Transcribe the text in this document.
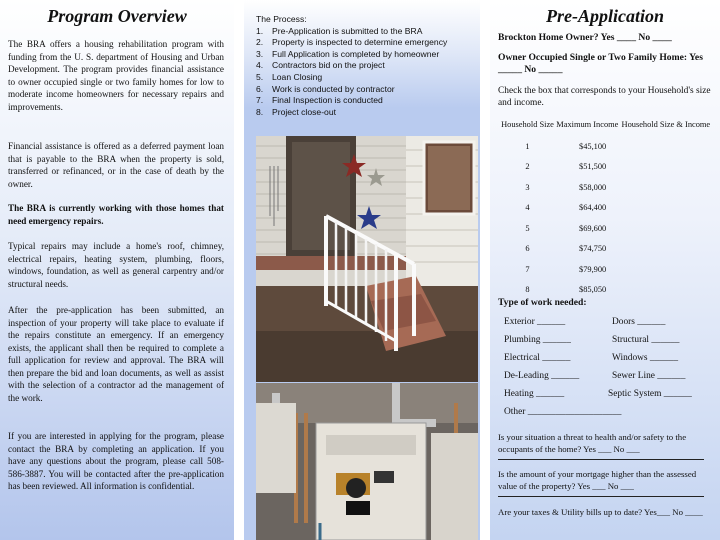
Program Overview
The BRA offers a housing rehabilitation program with funding from the U. S. department of Housing and Urban Development. The program provides financial assistance to owner occupied single or two family homes for low to moderate income homeowners for necessary repairs and improvements.
Financial assistance is offered as a deferred payment loan that is payable to the BRA when the property is sold, transferred or refinanced, or in the case of death by the owner.
The BRA is currently working with those homes that need emergency repairs.
Typical repairs may include a home's roof, chimney, electrical repairs, heating system, plumbing, floors, windows, foundation, as well as general carpentry and/or structural needs.
After the pre-application has been submitted, an inspection of your property will take place to evaluate if the repairs constitute an emergency. If an emergency exists, the applicant shall then be required to complete a full application for review and approval. The BRA will then prepare the bid and loan documents, as well as assist with the selection of a contractor ad the management of the work.
If you are interested in applying for the program, please contact the BRA by completing an application. If you have any questions about the program, please call 508-586-3887. You will be contacted after the pre-application has been reviewed. All information is confidential.
The Process:
1.	Pre-Application is submitted to the BRA
2.	Property is inspected to determine emergency
3.	Full Application is completed by homeowner
4.	Contractors bid on the project
5.	Loan Closing
6.	Work is conducted by contractor
7.	Final Inspection is conducted
8.	Project close-out
Pre-Application
Brockton Home Owner? Yes ____ No ____
Owner Occupied Single or Two Family Home: Yes _____ No _____
Check the box that corresponds to your Household's size and income.
Household Size	Maximum Income	Household Size & Income
1	$45,100	
2	$51,500	
3	$58,000	
4	$64,400	
5	$69,600	
6	$74,750	
7	$79,900	
8	$85,050	
Type of work needed:
Exterior ______	Doors ______
Plumbing ______	Structural ______
Electrical ______	Windows ______
De-Leading ______	Sewer Line ______
Heating ______	Septic System ______
Other ____________________
Is your situation a threat to health and/or safety to the occupants of the home? Yes ___ No ___
Is the amount of your mortgage higher than the assessed value of the property? Yes ___ No ___
Are your taxes & Utility bills up to date? Yes___ No ____
